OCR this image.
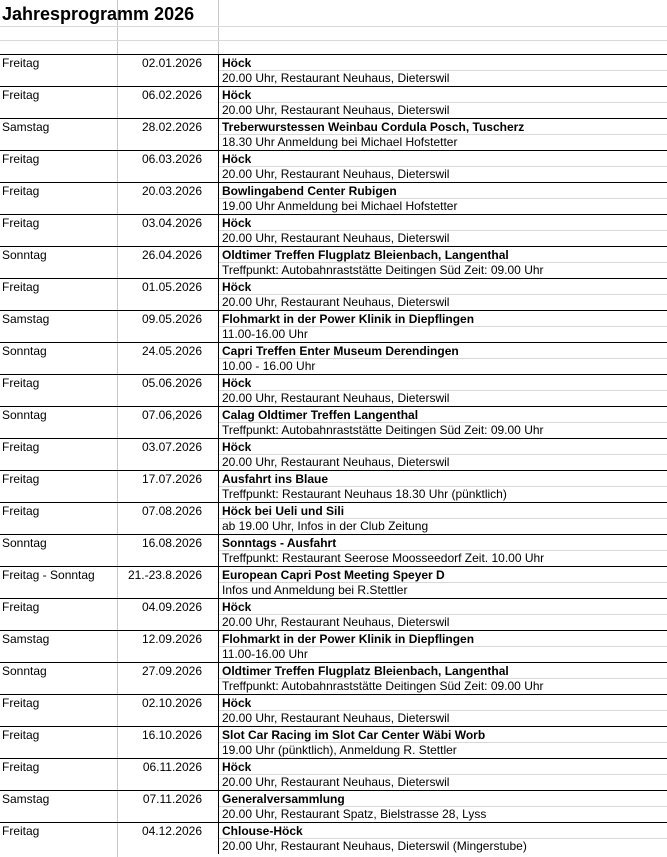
Jahresprogramm 2026
Freitag	02.01.2026 Höck
20.00 Uhr, Restaurant Neuhaus, Dieterswil
Freitag	06.02.2026 Höck
20.00 Uhr, Restaurant Neuhaus, Dieterswil
Samstag	28.02.2026 Treberwurstessen Weinbau Cordula Posch, Tuscherz
18.30 Uhr Anmeldung bei Michael Hofstetter
Freitag	06.03.2026 Höck
20.00 Uhr, Restaurant Neuhaus, Dieterswil
Freitag	20.03.2026 Bowlingabend Center Rubigen
19.00 Uhr Anmeldung bei Michael Hofstetter
Freitag	03.04.2026 Höck
20.00 Uhr, Restaurant Neuhaus, Dieterswil
Sonntag	26.04.2026 Oldtimer Treffen Flugplatz Bleienbach, Langenthal
Treffpunkt: Autobahnraststätte Deitingen Süd Zeit: 09.00 Uhr
Freitag	01.05.2026 Höck
20.00 Uhr, Restaurant Neuhaus, Dieterswil
Samstag	09.05.2026 Flohmarkt in der Power Klinik in Diepflingen
11.00-16.00 Uhr
Sonntag	24.05.2026 Capri Treffen Enter Museum Derendingen
10.00 - 16.00 Uhr
Freitag	05.06.2026 Höck
20.00 Uhr, Restaurant Neuhaus, Dieterswil
Sonntag	07.06,2026 Calag Oldtimer Treffen Langenthal
Treffpunkt: Autobahnraststätte Deitingen Süd Zeit: 09.00 Uhr
Freitag	03.07.2026 Höck
20.00 Uhr, Restaurant Neuhaus, Dieterswil
Freitag	17.07.2026 Ausfahrt ins Blaue
Treffpunkt: Restaurant Neuhaus 18.30 Uhr (pünktlich)
Freitag	07.08.2026 Höck bei Ueli und Sili
ab 19.00 Uhr, Infos in der Club Zeitung
Sonntag	16.08.2026 Sonntags - Ausfahrt
Treffpunkt: Restaurant Seerose Moosseedorf Zeit. 10.00 Uhr
Freitag - Sonntag	21.-23.8.2026 European Capri Post Meeting Speyer D
Infos und Anmeldung bei R.Stettler
Freitag	04.09.2026 Höck
20.00 Uhr, Restaurant Neuhaus, Dieterswil
Samstag	12.09.2026 Flohmarkt in der Power Klinik in Diepflingen
11.00-16.00 Uhr
Sonntag	27.09.2026 Oldtimer Treffen Flugplatz Bleienbach, Langenthal
Treffpunkt: Autobahnraststätte Deitingen Süd Zeit: 09.00 Uhr
Freitag	02.10.2026 Höck
20.00 Uhr, Restaurant Neuhaus, Dieterswil
Freitag	16.10.2026 Slot Car Racing im Slot Car Center Wäbi Worb
19.00 Uhr (pünktlich), Anmeldung R. Stettler
Freitag	06.11.2026 Höck
20.00 Uhr, Restaurant Neuhaus, Dieterswil
Samstag	07.11.2026 Generalversammlung
20.00 Uhr, Restaurant Spatz, Bielstrasse 28, Lyss
Freitag	04.12.2026 Chlouse-Höck
20.00 Uhr, Restaurant Neuhaus, Dieterswil (Mingerstube)
